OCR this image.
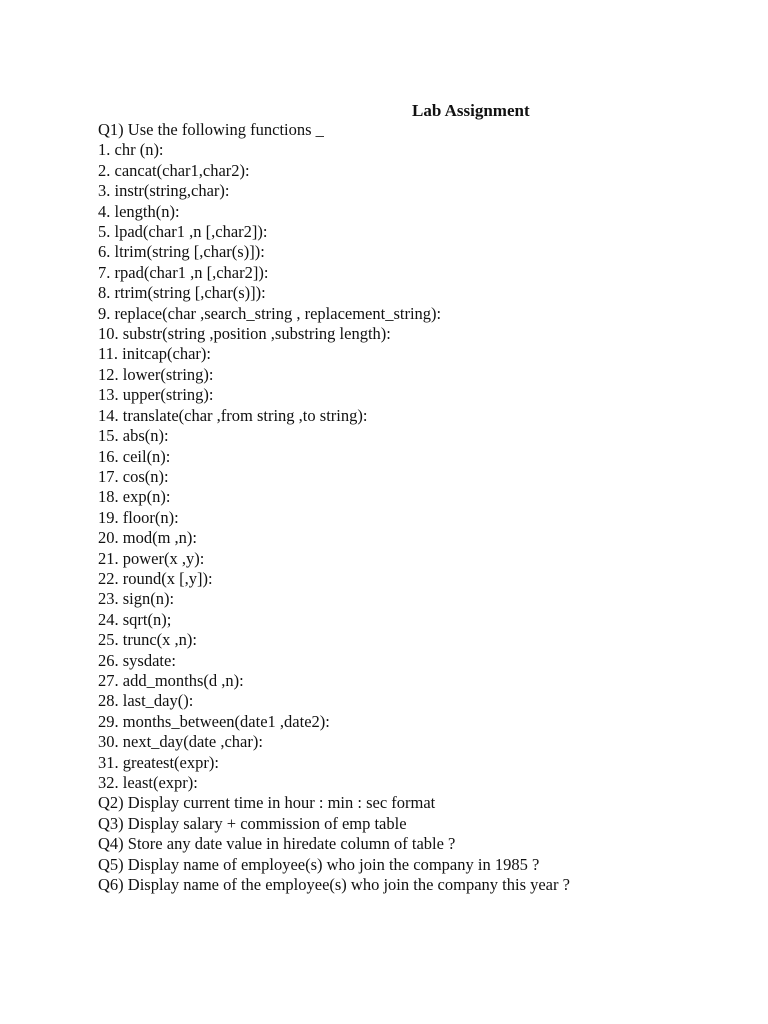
Lab Assignment
Q1) Use the following functions _
1. chr (n):
2. cancat(char1,char2):
3. instr(string,char):
4. length(n):
5. lpad(char1 ,n [,char2]):
6. ltrim(string [,char(s)]):
7. rpad(char1 ,n [,char2]):
8. rtrim(string [,char(s)]):
9. replace(char ,search_string , replacement_string):
10. substr(string ,position ,substring length):
11. initcap(char):
12. lower(string):
13. upper(string):
14. translate(char ,from string ,to string):
15. abs(n):
16. ceil(n):
17. cos(n):
18. exp(n):
19. floor(n):
20. mod(m ,n):
21. power(x ,y):
22. round(x [,y]):
23. sign(n):
24. sqrt(n);
25. trunc(x ,n):
26. sysdate:
27. add_months(d ,n):
28. last_day():
29. months_between(date1 ,date2):
30. next_day(date ,char):
31. greatest(expr):
32. least(expr):
Q2) Display current time in hour : min : sec format
Q3) Display salary + commission of emp table
Q4) Store any date value in hiredate column of table ?
Q5) Display name of employee(s) who join the company in 1985 ?
Q6) Display name of the employee(s) who join the company this year ?
